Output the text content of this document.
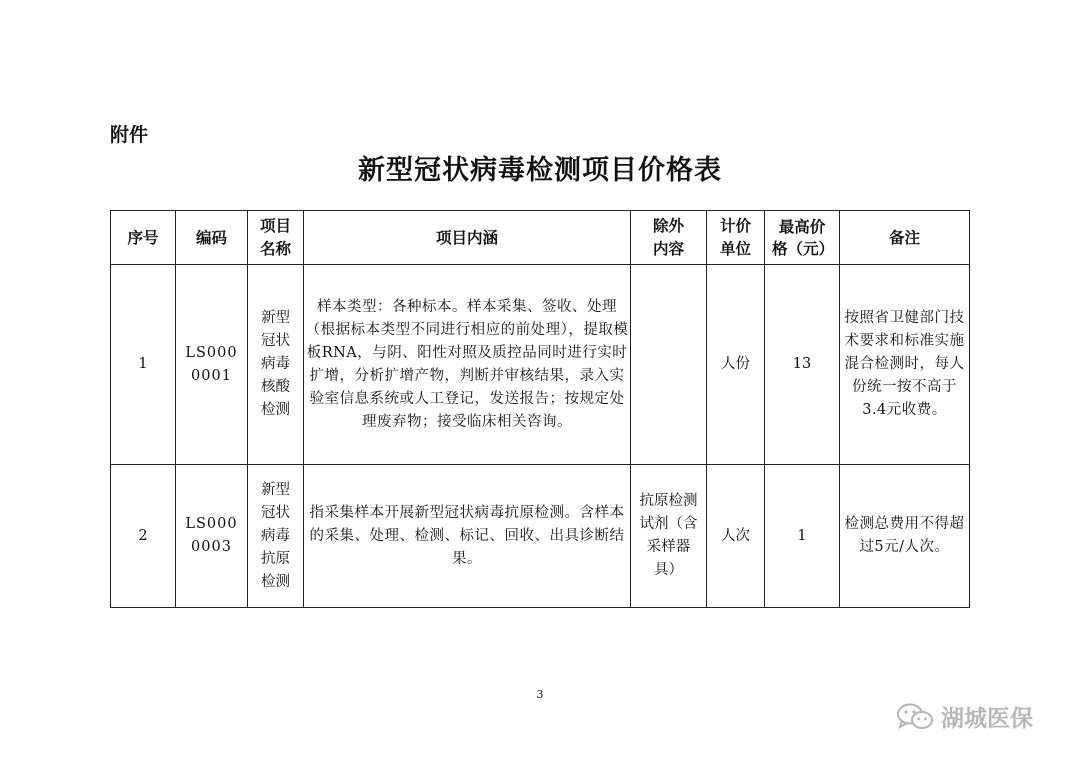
附件
新型冠状病毒检测项目价格表
序号	编码	项目名称	项目内涵	除外内容	计价单位	最高价格（元）	备注
1	LS0000001	新型冠状病毒核酸检测	样本类型：各种标本。样本采集、签收、处理（根据标本类型不同进行相应的前处理），提取模板RNA，与阴、阳性对照及质控品同时进行实时扩增，分析扩增产物，判断并审核结果，录入实验室信息系统或人工登记，发送报告；按规定处理废弃物；接受临床相关咨询。		人份	13	按照省卫健部门技术要求和标准实施混合检测时，每人份统一按不高于3.4元收费。
2	LS0000003	新型冠状病毒抗原检测	指采集样本开展新型冠状病毒抗原检测。含样本的采集、处理、检测、标记、回收、出具诊断结果。	抗原检测试剂（含采样器具）	人次	1	检测总费用不得超过5元/人次。
3
湖城医保
